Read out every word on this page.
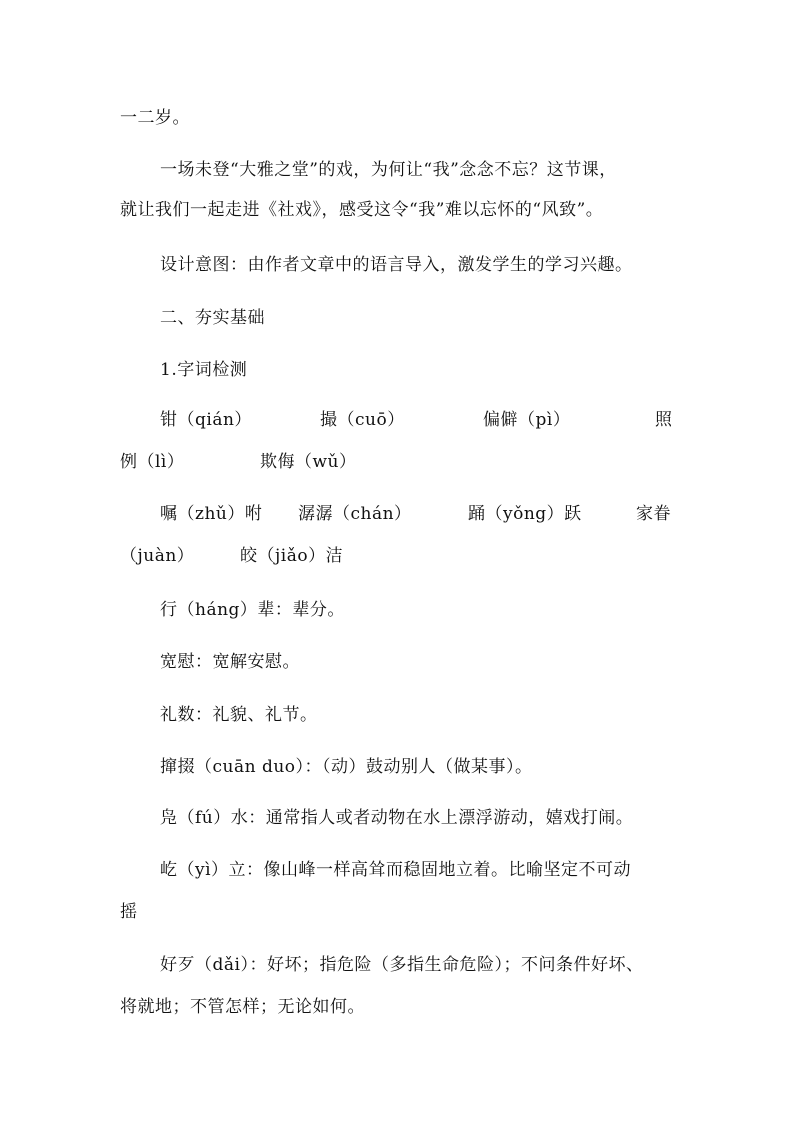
一二岁。
一场未登“大雅之堂”的戏，为何让“我”念念不忘？这节课，
就让我们一起走进《社戏》，感受这令“我”难以忘怀的“风致”。
设计意图：由作者文章中的语言导入，激发学生的学习兴趣。
二、夯实基础
1.字词检测
钳（qián）	撮（cuō）	偏僻（pì）	照
例（lì）	欺侮（wǔ）
嘱（zhǔ）咐 潺潺（chán）	踊（yǒng）跃	家眷
（juàn）	皎（jiǎo）洁
行（háng）辈：辈分。
宽慰：宽解安慰。
礼数：礼貌、礼节。
撺掇（cuān duo）：（动）鼓动别人（做某事）。
凫（fú）水：通常指人或者动物在水上漂浮游动，嬉戏打闹。
屹（yì）立：像山峰一样高耸而稳固地立着。比喻坚定不可动
摇
好歹（dǎi）：好坏；指危险（多指生命危险）；不问条件好坏、
将就地；不管怎样；无论如何。
